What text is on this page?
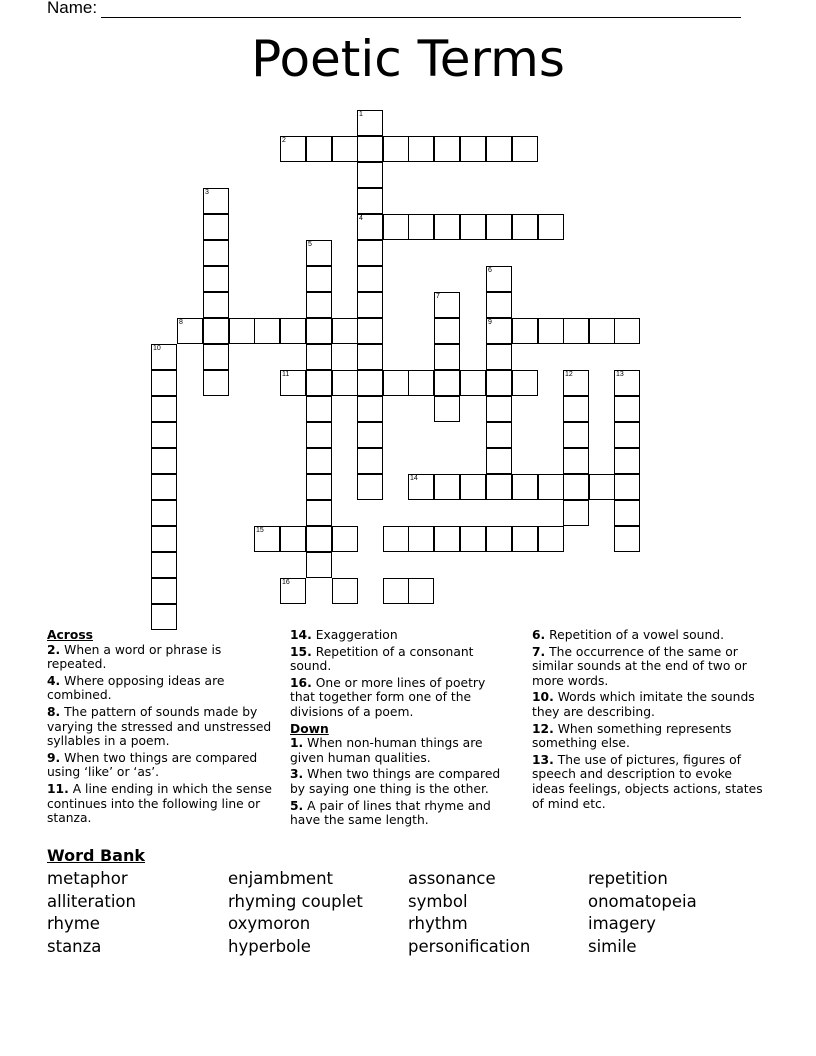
Name:
Poetic Terms
1
4
2
3
5
6
9
7
8
10
11	12	13
14
15
16

Across

2. When a word or phrase is repeated.

4. Where opposing ideas are combined.

8. The pattern of sounds made by varying the stressed and unstressed syllables in a poem.

9. When two things are compared using ‘like’ or ‘as’.

11. A line ending in which the sense continues into the following line or stanza.

14. Exaggeration

15. Repetition of a consonant sound.

16. One or more lines of poetry that together form one of the divisions of a poem.

Down

1. When non-human things are given human qualities.

3. When two things are compared by saying one thing is the other.

5. A pair of lines that rhyme and have the same length.

6. Repetition of a vowel sound.

7. The occurrence of the same or similar sounds at the end of two or more words.

10. Words which imitate the sounds they are describing.

12. When something represents something else.

13. The use of pictures, figures of speech and description to evoke ideas feelings, objects actions, states of mind etc.

Word Bank
metaphor
alliteration
rhyme
stanza
enjambment
rhyming couplet
oxymoron
hyperbole
assonance
symbol
rhythm
personification
repetition
onomatopeia
imagery
simile
